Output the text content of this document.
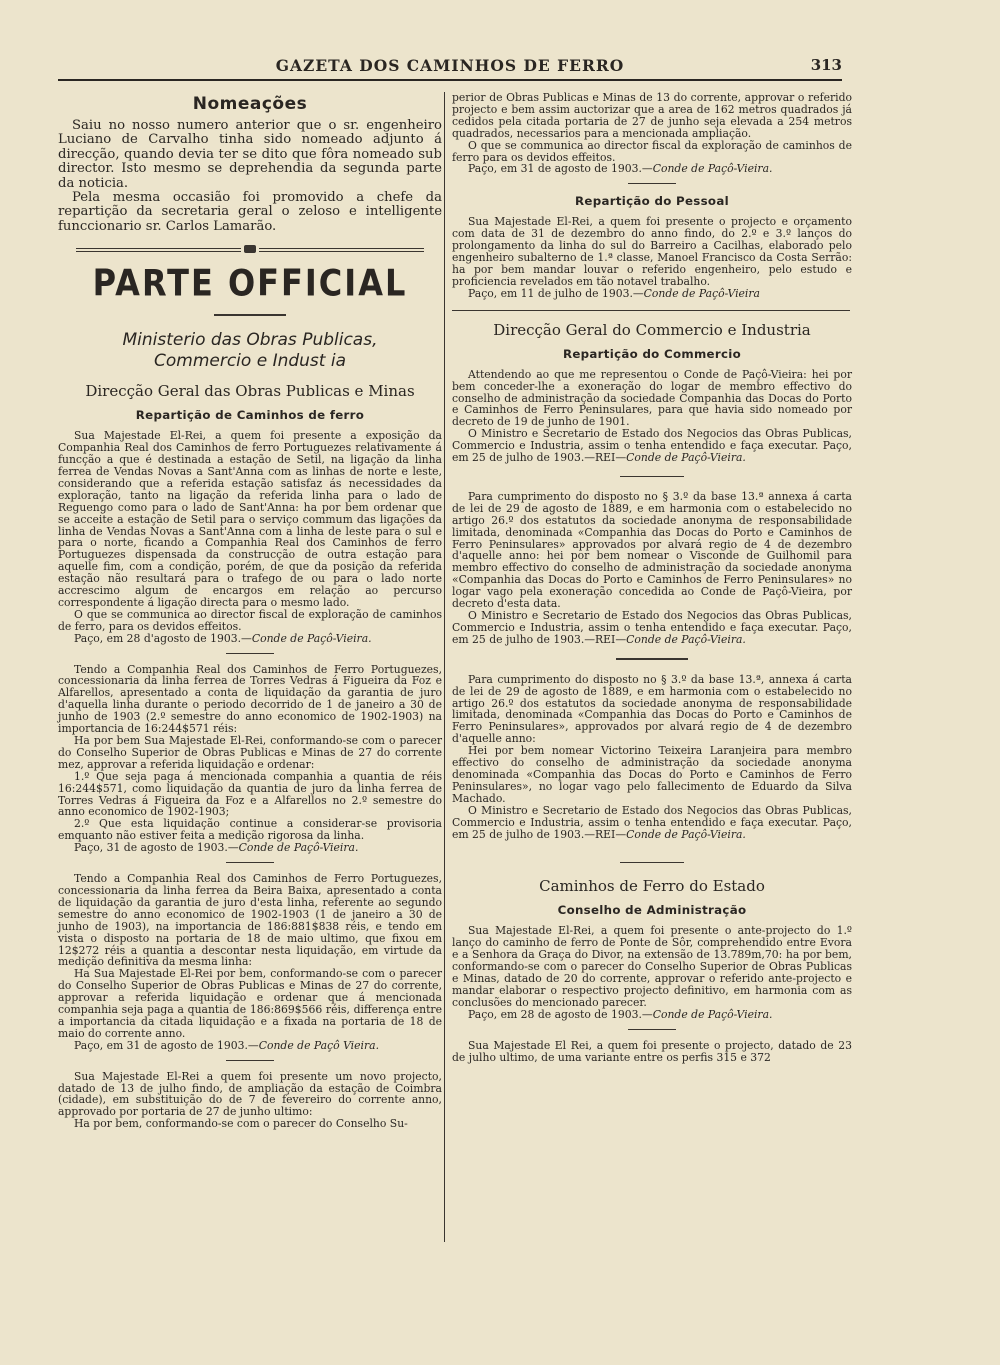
GAZETA DOS CAMINHOS DE FERRO	313
Nomeações

Saiu no nosso numero anterior que o sr. engenheiro Luciano de Carvalho tinha sido nomeado adjunto á direcção, quando devia ter se dito que fôra nomeado sub director. Isto mesmo se deprehendia da segunda parte da noticia.

Pela mesma occasião foi promovido a chefe da repartição da secretaria geral o zeloso e intelligente funccionario sr. Carlos Lamarão.

PARTE OFFICIAL
Ministerio das Obras Publicas, Commercio e Indust ia
Direcção Geral das Obras Publicas e Minas
Repartição de Caminhos de ferro

Sua Majestade El-Rei, a quem foi presente a exposição da Companhia Real dos Caminhos de ferro Portuguezes relativamente á funcção a que é destinada a estação de Setil, na ligação da linha ferrea de Vendas Novas a Sant'Anna com as linhas de norte e leste, considerando que a referida estação satisfaz ás necessidades da exploração, tanto na ligação da referida linha para o lado de Reguengo como para o lado de Sant'Anna: ha por bem ordenar que se acceite a estação de Setil para o serviço commum das ligações da linha de Vendas Novas a Sant'Anna com a linha de leste para o sul e para o norte, ficando a Companhia Real dos Caminhos de ferro Portuguezes dispensada da construcção de outra estação para aquelle fim, com a condição, porém, de que da posição da referida estação não resultará para o trafego de ou para o lado norte accrescimo algum de encargos em relação ao percurso correspondente á ligação directa para o mesmo lado.

O que se communica ao director fiscal de exploração de caminhos de ferro, para os devidos effeitos.

Paço, em 28 d'agosto de 1903.—Conde de Paçô-Vieira.

Tendo a Companhia Real dos Caminhos de Ferro Portuguezes, concessionaria da linha ferrea de Torres Vedras á Figueira da Foz e Alfarellos, apresentado a conta de liquidação da garantia de juro d'aquella linha durante o periodo decorrido de 1 de janeiro a 30 de junho de 1903 (2.º semestre do anno economico de 1902-1903) na importancia de 16:244$571 réis:

Ha por bem Sua Majestade El-Rei, conformando-se com o parecer do Conselho Superior de Obras Publicas e Minas de 27 do corrente mez, approvar a referida liquidação e ordenar:

1.º Que seja paga á mencionada companhia a quantia de réis 16:244$571, como liquidação da quantia de juro da linha ferrea de Torres Vedras á Figueira da Foz e a Alfarellos no 2.º semestre do anno economico de 1902-1903;

2.º Que esta liquidação continue a considerar-se provisoria emquanto não estiver feita a medição rigorosa da linha.

Paço, 31 de agosto de 1903.—Conde de Paçô-Vieira.

Tendo a Companhia Real dos Caminhos de Ferro Portuguezes, concessionaria da linha ferrea da Beira Baixa, apresentado a conta de liquidação da garantia de juro d'esta linha, referente ao segundo semestre do anno economico de 1902-1903 (1 de janeiro a 30 de junho de 1903), na importancia de 186:881$838 réis, e tendo em vista o disposto na portaria de 18 de maio ultimo, que fixou em 12$272 réis a quantia a descontar nesta liquidação, em virtude da medição definitiva da mesma linha:

Ha Sua Majestade El-Rei por bem, conformando-se com o parecer do Conselho Superior de Obras Publicas e Minas de 27 do corrente, approvar a referida liquidação e ordenar que á mencionada companhia seja paga a quantia de 186:869$566 réis, differença entre a importancia da citada liquidação e a fixada na portaria de 18 de maio do corrente anno.

Paço, em 31 de agosto de 1903.—Conde de Paçô Vieira.

Sua Majestade El-Rei a quem foi presente um novo projecto, datado de 13 de julho findo, de ampliação da estação de Coimbra (cidade), em substituição do de 7 de fevereiro do corrente anno, approvado por portaria de 27 de junho ultimo:

Ha por bem, conformando-se com o parecer do Conselho Su-

perior de Obras Publicas e Minas de 13 do corrente, approvar o referido projecto e bem assim auctorizar que a area de 162 metros quadrados já cedidos pela citada portaria de 27 de junho seja elevada a 254 metros quadrados, necessarios para a mencionada ampliação.

O que se communica ao director fiscal da exploração de caminhos de ferro para os devidos effeitos.

Paço, em 31 de agosto de 1903.—Conde de Paçô-Vieira.

Repartição do Pessoal

Sua Majestade El-Rei, a quem foi presente o projecto e orçamento com data de 31 de dezembro do anno findo, do 2.º e 3.º lanços do prolongamento da linha do sul do Barreiro a Cacilhas, elaborado pelo engenheiro subalterno de 1.ª classe, Manoel Francisco da Costa Serrão: ha por bem mandar louvar o referido engenheiro, pelo estudo e proficiencia revelados em tão notavel trabalho.

Paço, em 11 de julho de 1903.—Conde de Paçô-Vieira

Direcção Geral do Commercio e Industria
Repartição do Commercio

Attendendo ao que me representou o Conde de Paçô-Vieira: hei por bem conceder-lhe a exoneração do logar de membro effectivo do conselho de administração da sociedade Companhia das Docas do Porto e Caminhos de Ferro Peninsulares, para que havia sido nomeado por decreto de 19 de junho de 1901.

O Ministro e Secretario de Estado dos Negocios das Obras Publicas, Commercio e Industria, assim o tenha entendido e faça executar. Paço, em 25 de julho de 1903.—REI—Conde de Paçô-Vieira.

Para cumprimento do disposto no § 3.º da base 13.ª annexa á carta de lei de 29 de agosto de 1889, e em harmonia com o estabelecido no artigo 26.º dos estatutos da sociedade anonyma de responsabilidade limitada, denominada «Companhia das Docas do Porto e Caminhos de Ferro Peninsulares» approvados por alvará regio de 4 de dezembro d'aquelle anno: hei por bem nomear o Visconde de Guilhomil para membro effectivo do conselho de administração da sociedade anonyma «Companhia das Docas do Porto e Caminhos de Ferro Peninsulares» no logar vago pela exoneração concedida ao Conde de Paçô-Vieira, por decreto d'esta data.

O Ministro e Secretario de Estado dos Negocios das Obras Publicas, Commercio e Industria, assim o tenha entendido e faça executar. Paço, em 25 de julho de 1903.—REI—Conde de Paçô-Vieira.

Para cumprimento do disposto no § 3.º da base 13.ª, annexa á carta de lei de 29 de agosto de 1889, e em harmonia com o estabelecido no artigo 26.º dos estatutos da sociedade anonyma de responsabilidade limitada, denominada «Companhia das Docas do Porto e Caminhos de Ferro Peninsulares», approvados por alvará regio de 4 de dezembro d'aquelle anno:

Hei por bem nomear Victorino Teixeira Laranjeira para membro effectivo do conselho de administração da sociedade anonyma denominada «Companhia das Docas do Porto e Caminhos de Ferro Peninsulares», no logar vago pelo fallecimento de Eduardo da Silva Machado.

O Ministro e Secretario de Estado dos Negocios das Obras Publicas, Commercio e Industria, assim o tenha entendido e faça executar. Paço, em 25 de julho de 1903.—REI—Conde de Paçô-Vieira.

Caminhos de Ferro do Estado
Conselho de Administração

Sua Majestade El-Rei, a quem foi presente o ante-projecto do 1.º lanço do caminho de ferro de Ponte de Sôr, comprehendido entre Evora e a Senhora da Graça do Divor, na extensão de 13.789m,70: ha por bem, conformando-se com o parecer do Conselho Superior de Obras Publicas e Minas, datado de 20 do corrente, approvar o referido ante-projecto e mandar elaborar o respectivo projecto definitivo, em harmonia com as conclusões do mencionado parecer.

Paço, em 28 de agosto de 1903.—Conde de Paçô-Vieira.

Sua Majestade El Rei, a quem foi presente o projecto, datado de 23 de julho ultimo, de uma variante entre os perfis 315 e 372
